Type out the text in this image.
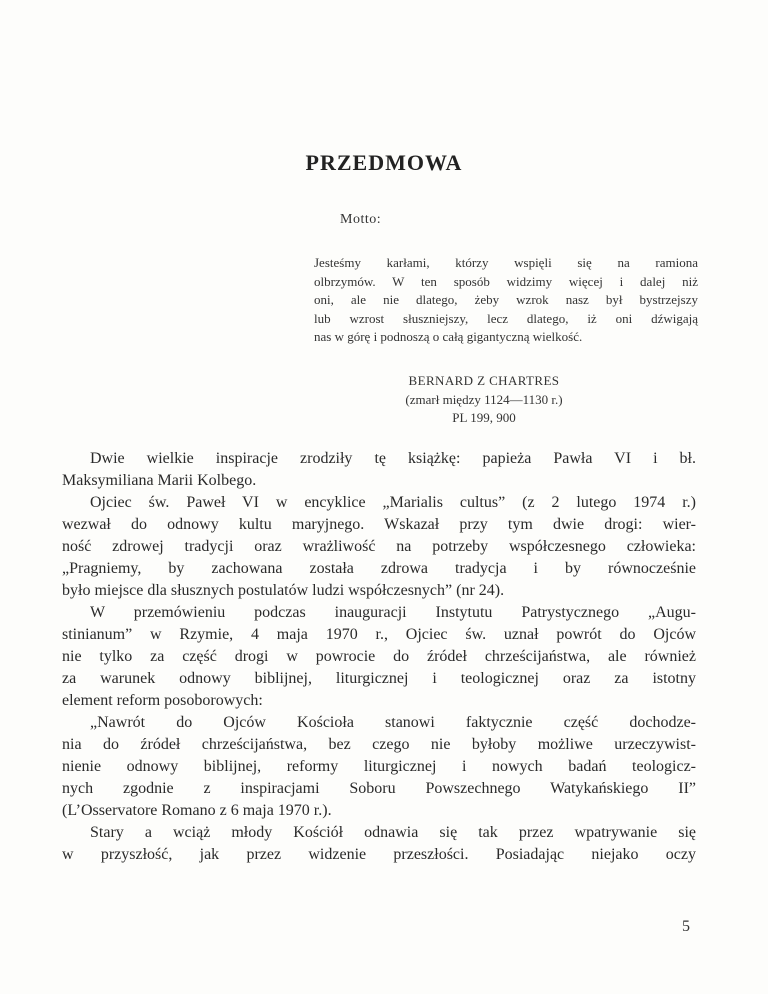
PRZEDMOWA
Motto:
Jesteśmy karłami, którzy wspięli się na ramiona
olbrzymów. W ten sposób widzimy więcej i dalej niż
oni, ale nie dlatego, żeby wzrok nasz był bystrzejszy
lub wzrost słuszniejszy, lecz dlatego, iż oni dźwigają
nas w górę i podnoszą o całą gigantyczną wielkość.
BERNARD Z CHARTRES
(zmarł między 1124—1130 r.)
PL 199, 900
Dwie wielkie inspiracje zrodziły tę książkę: papieża Pawła VI i bł.
Maksymiliana Marii Kolbego.
Ojciec św. Paweł VI w encyklice „Marialis cultus” (z 2 lutego 1974 r.)
wezwał do odnowy kultu maryjnego. Wskazał przy tym dwie drogi: wier-
ność zdrowej tradycji oraz wrażliwość na potrzeby współczesnego człowieka:
„Pragniemy, by zachowana została zdrowa tradycja i by równocześnie
było miejsce dla słusznych postulatów ludzi współczesnych” (nr 24).
W przemówieniu podczas inauguracji Instytutu Patrystycznego „Augu-
stinianum” w Rzymie, 4 maja 1970 r., Ojciec św. uznał powrót do Ojców
nie tylko za część drogi w powrocie do źródeł chrześcijaństwa, ale również
za warunek odnowy biblijnej, liturgicznej i teologicznej oraz za istotny
element reform posoborowych:
„Nawrót do Ojców Kościoła stanowi faktycznie część dochodze-
nia do źródeł chrześcijaństwa, bez czego nie byłoby możliwe urzeczywist-
nienie odnowy biblijnej, reformy liturgicznej i nowych badań teologicz-
nych zgodnie z inspiracjami Soboru Powszechnego Watykańskiego II”
(L’Osservatore Romano z 6 maja 1970 r.).
Stary a wciąż młody Kościół odnawia się tak przez wpatrywanie się
w przyszłość, jak przez widzenie przeszłości. Posiadając niejako oczy
5
